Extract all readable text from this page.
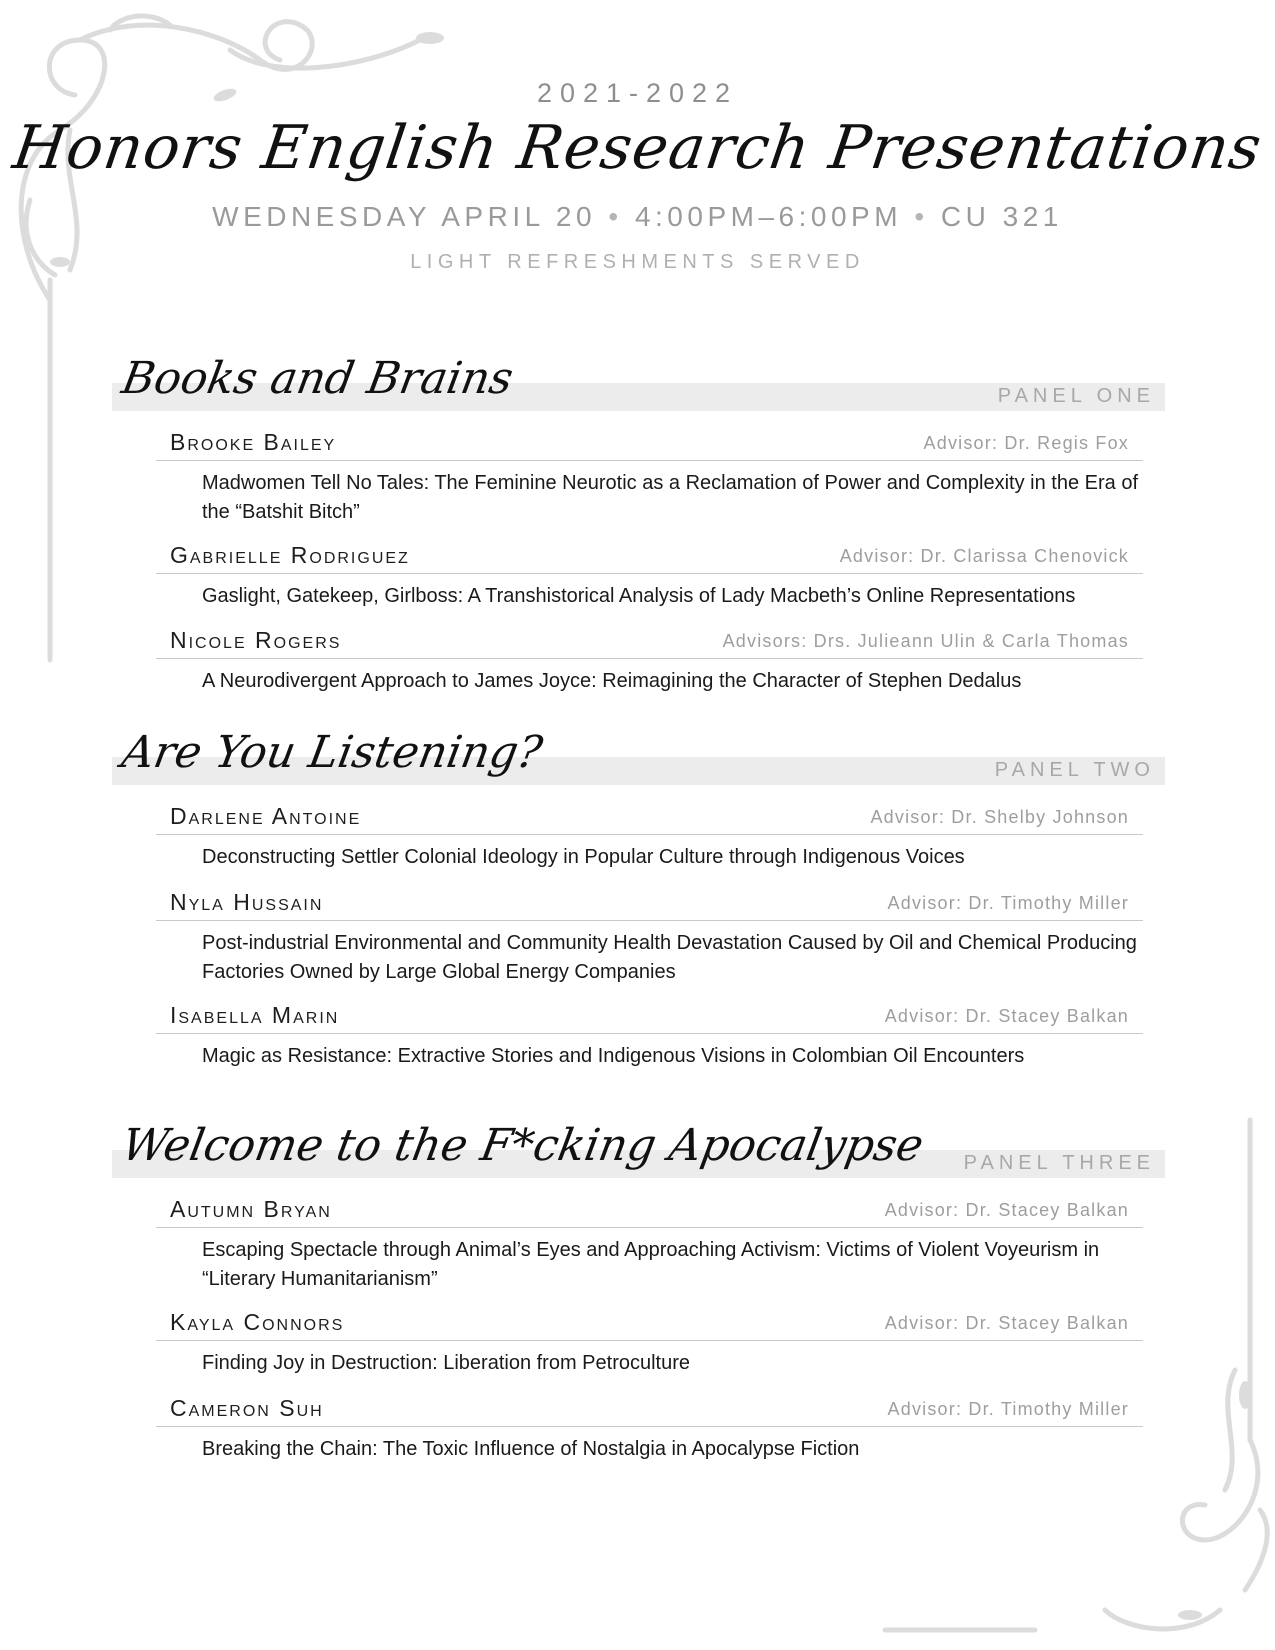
2021-2022
Honors English Research Presentations
WEDNESDAY APRIL 20 • 4:00PM–6:00PM • CU 321
LIGHT REFRESHMENTS SERVED
Books and Brains	PANEL ONE
Brooke Bailey	Advisor: Dr. Regis Fox
Madwomen Tell No Tales: The Feminine Neurotic as a Reclamation of Power and Complexity in the Era of the “Batshit Bitch”
Gabrielle Rodriguez	Advisor: Dr. Clarissa Chenovick
Gaslight, Gatekeep, Girlboss: A Transhistorical Analysis of Lady Macbeth’s Online Representations
Nicole Rogers	Advisors: Drs. Julieann Ulin & Carla Thomas
A Neurodivergent Approach to James Joyce: Reimagining the Character of Stephen Dedalus
Are You Listening?	PANEL TWO
Darlene Antoine	Advisor: Dr. Shelby Johnson
Deconstructing Settler Colonial Ideology in Popular Culture through Indigenous Voices
Nyla Hussain	Advisor: Dr. Timothy Miller
Post-industrial Environmental and Community Health Devastation Caused by Oil and Chemical Producing Factories Owned by Large Global Energy Companies
Isabella Marin	Advisor: Dr. Stacey Balkan
Magic as Resistance: Extractive Stories and Indigenous Visions in Colombian Oil Encounters
Welcome to the F*cking Apocalypse PANEL THREE
Autumn Bryan	Advisor: Dr. Stacey Balkan
Escaping Spectacle through Animal’s Eyes and Approaching Activism: Victims of Violent Voyeurism in “Literary Humanitarianism”
Kayla Connors	Advisor: Dr. Stacey Balkan
Finding Joy in Destruction: Liberation from Petroculture
Cameron Suh	Advisor: Dr. Timothy Miller
Breaking the Chain: The Toxic Influence of Nostalgia in Apocalypse Fiction
